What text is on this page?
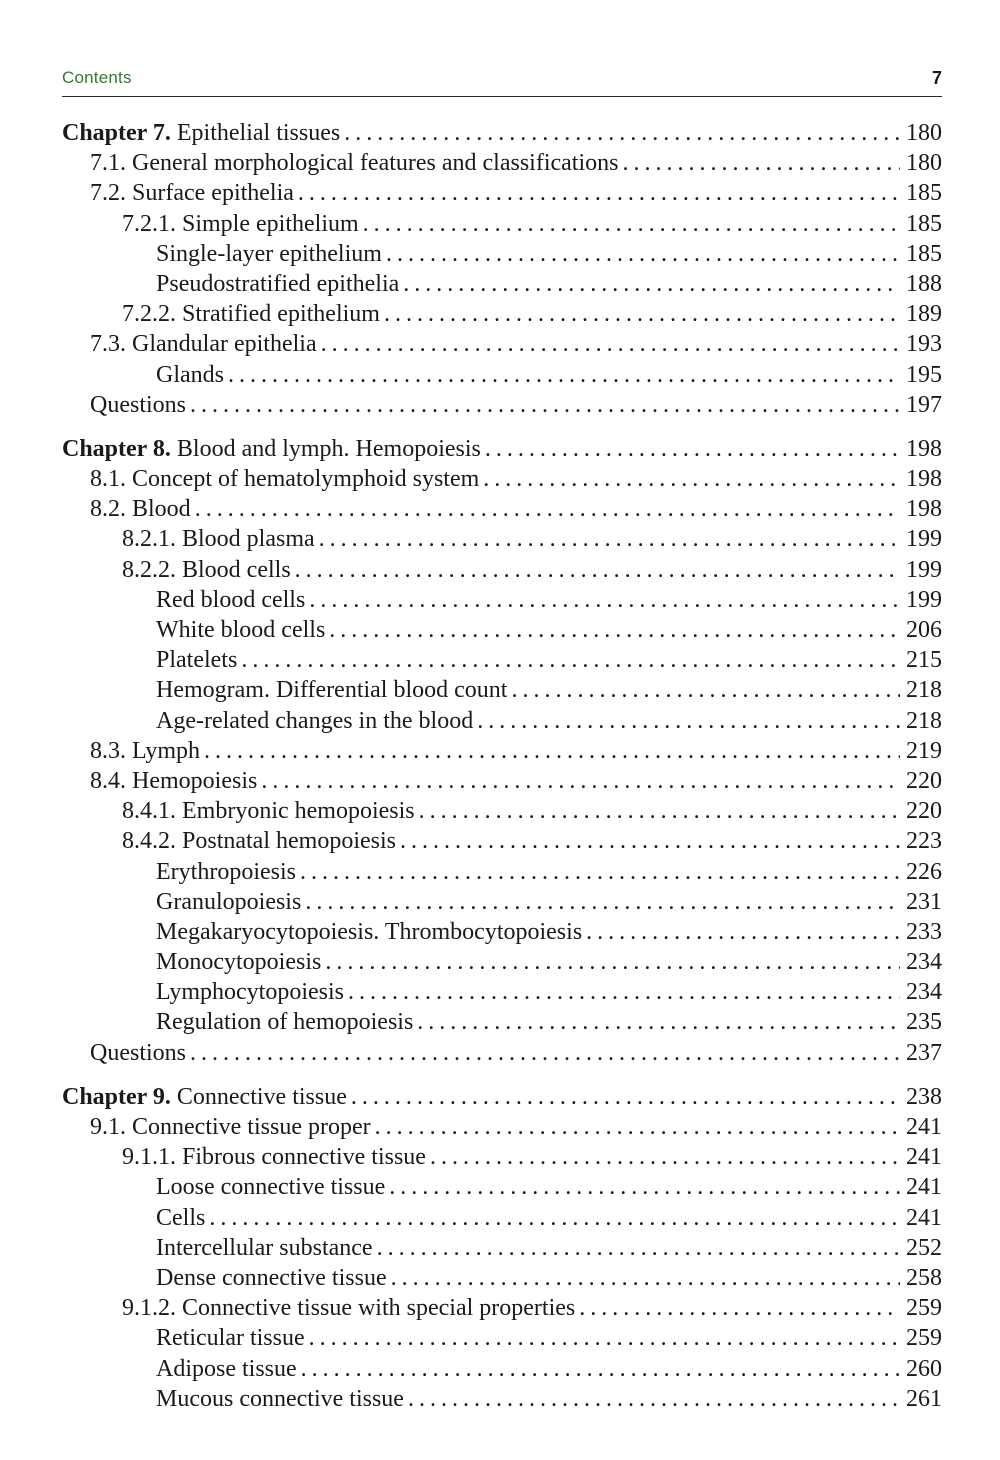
Contents	7
Chapter 7. Epithelial tissues . . .	180
7.1. General morphological features and classifications . . .	180
7.2. Surface epithelia . . .	185
7.2.1. Simple epithelium . . .	185
Single-layer epithelium . . .	185
Pseudostratified epithelia . . .	188
7.2.2. Stratified epithelium . . .	189
7.3. Glandular epithelia . . .	193
Glands . . .	195
Questions . . .	197
Chapter 8. Blood and lymph. Hemopoiesis . . .	198
8.1. Concept of hematolymphoid system . . .	198
8.2. Blood . . .	198
8.2.1. Blood plasma . . .	199
8.2.2. Blood cells . . .	199
Red blood cells . . .	199
White blood cells . . .	206
Platelets . . .	215
Hemogram. Differential blood count . . .	218
Age-related changes in the blood . . .	218
8.3. Lymph . . .	219
8.4. Hemopoiesis . . .	220
8.4.1. Embryonic hemopoiesis . . .	220
8.4.2. Postnatal hemopoiesis . . .	223
Erythropoiesis . . .	226
Granulopoiesis . . .	231
Megakaryocytopoiesis. Thrombocytopoiesis . . .	233
Monocytopoiesis . . .	234
Lymphocytopoiesis . . .	234
Regulation of hemopoiesis . . .	235
Questions . . .	237
Chapter 9. Connective tissue . . .	238
9.1. Connective tissue proper . . .	241
9.1.1. Fibrous connective tissue . . .	241
Loose connective tissue . . .	241
Cells . . .	241
Intercellular substance . . .	252
Dense connective tissue . . .	258
9.1.2. Connective tissue with special properties . . .	259
Reticular tissue . . .	259
Adipose tissue . . .	260
Mucous connective tissue . . .	261
